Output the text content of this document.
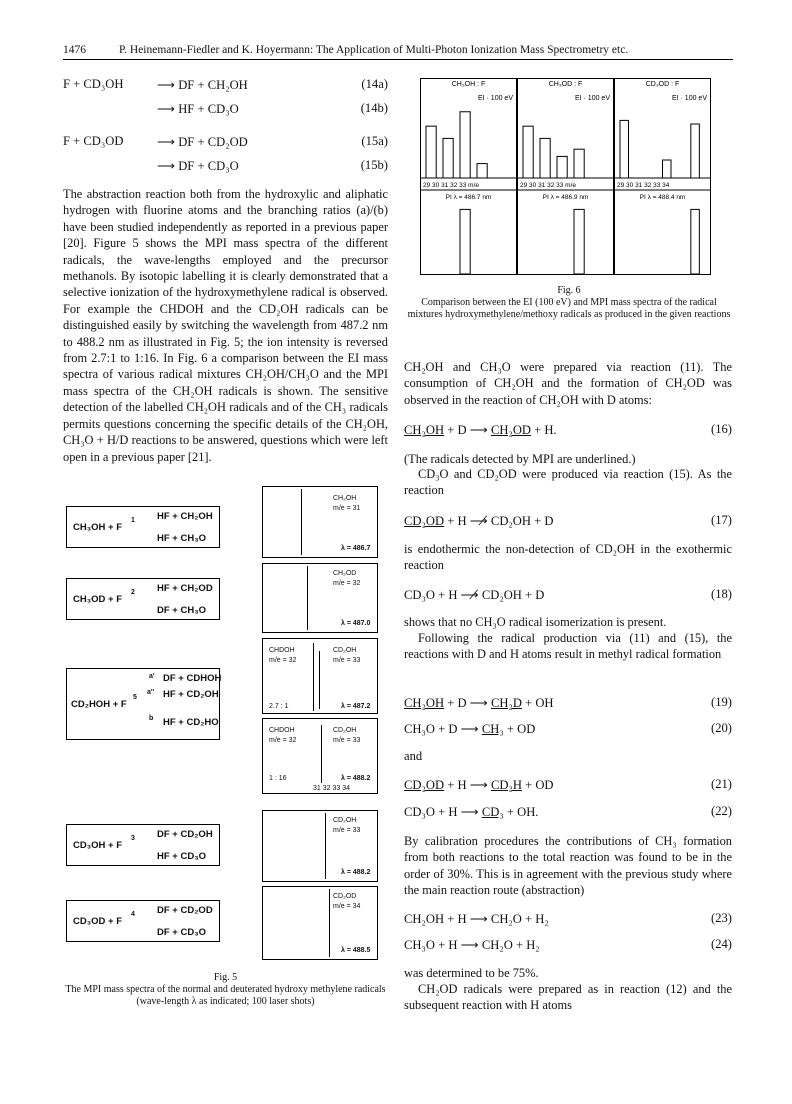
1476	P. Heinemann-Fiedler and K. Hoyermann: The Application of Multi-Photon Ionization Mass Spectrometry etc.
F + CD₃OH	⟶ DF + CH₂OH	(14a)
⟶ HF + CD₃O	(14b)
F + CD₃OD	⟶ DF + CD₂OD	(15a)
⟶ DF + CD₃O	(15b)
The abstraction reaction both from the hydroxylic and aliphatic hydrogen with fluorine atoms and the branching ratios (a)/(b) have been studied independently as reported in a previous paper [20]. Figure 5 shows the MPI mass spectra of the different radicals, the wave-lengths employed and the precursor methanols. By isotopic labelling it is clearly demonstrated that a selective ionization of the hydroxymethylene radical is observed. For example the CHDOH and the CD₂OH radicals can be distinguished easily by switching the wavelength from 487.2 nm to 488.2 nm as illustrated in Fig. 5; the ion intensity is reversed from 2.7:1 to 1:16. In Fig. 6 a comparison between the EI mass spectra of various radical mixtures CH₂OH/CH₃O and the MPI mass spectra of the CH₂OH radicals is shown. The sensitive detection of the labelled CH₂OH radicals and of the CH₃ radicals permits questions concerning the specific details of the CH₂OH, CH₃O + H/D reactions to be answered, questions which were left open in a previous paper [21].
CH₃OH + F
1 HF + CH₂OH
HF + CH₃O
CH₃OD + F
2 HF + CH₂OD
DF + CH₃O
CD₂HOH + F
5
a' DF + CDHOH
a'' HF + CD₂OH
b HF + CD₂HO
CD₃OH + F
3 DF + CD₂OH
HF + CD₃O
CD₃OD + F
4 DF + CD₂OD
DF + CD₃O
CH₂OH
m/e = 31
λ = 486.7
CH₂OD
m/e = 32
λ = 487.0
CHDOH
m/e = 32
CD₂OH
m/e = 33
2.7 : 1	λ = 487.2
CHDOH
m/e = 32
CD₂OH
m/e = 33
1 : 16	λ = 488.2
31 32 33 34
CD₂OH
m/e = 33
λ = 488.2
CD₂OD
m/e = 34
λ = 488.5
Fig. 5
The MPI mass spectra of the normal and deuterated hydroxy methylene radicals (wave-length λ as indicated; 100 laser shots)
CH₃OH : F
EI · 100 eV
29 30 31 32 33 m/e
PI λ = 486.7 nm
CH₃OD : F
EI · 100 eV
29 30 31 32 33 m/e
PI λ = 486.9 nm
CD₃OD : F
EI · 100 eV
29 30 31 32 33 34
PI λ = 488.4 nm
Fig. 6
Comparison between the EI (100 eV) and MPI mass spectra of the radical mixtures hydroxymethylene/methoxy radicals as produced in the given reactions
CH₂OH and CH₃O were prepared via reaction (11). The consumption of CH₂OH and the formation of CH₂OD was observed in the reaction of CH₂OH with D atoms:
CH₂OH + D ⟶ CH₂OD + H.	(16)
(The radicals detected by MPI are underlined.)
CD₃O and CD₂OD were produced via reaction (15). As the reaction
CD₂OD + H ⟶̸ CD₂OH + D	(17)
is endothermic the non-detection of CD₂OH in the exothermic reaction
CD₃O + H ⟶̸ CD₂OH + D	(18)
shows that no CH₃O radical isomerization is present.
Following the radical production via (11) and (15), the reactions with D and H atoms result in methyl radical formation
CH₂OH + D ⟶ CH₂D + OH	(19)
CH₃O + D ⟶ CH₃ + OD	(20)
and
CD₂OD + H ⟶ CD₂H + OD	(21)
CD₃O + H ⟶ CD₃ + OH.	(22)
By calibration procedures the contributions of CH₃ formation from both reactions to the total reaction was found to be in the order of 30%. This is in agreement with the previous study where the main reaction route (abstraction)
CH₂OH + H ⟶ CH₂O + H₂	(23)
CH₃O + H ⟶ CH₂O + H₂	(24)
was determined to be 75%.
CH₂OD radicals were prepared as in reaction (12) and the subsequent reaction with H atoms
